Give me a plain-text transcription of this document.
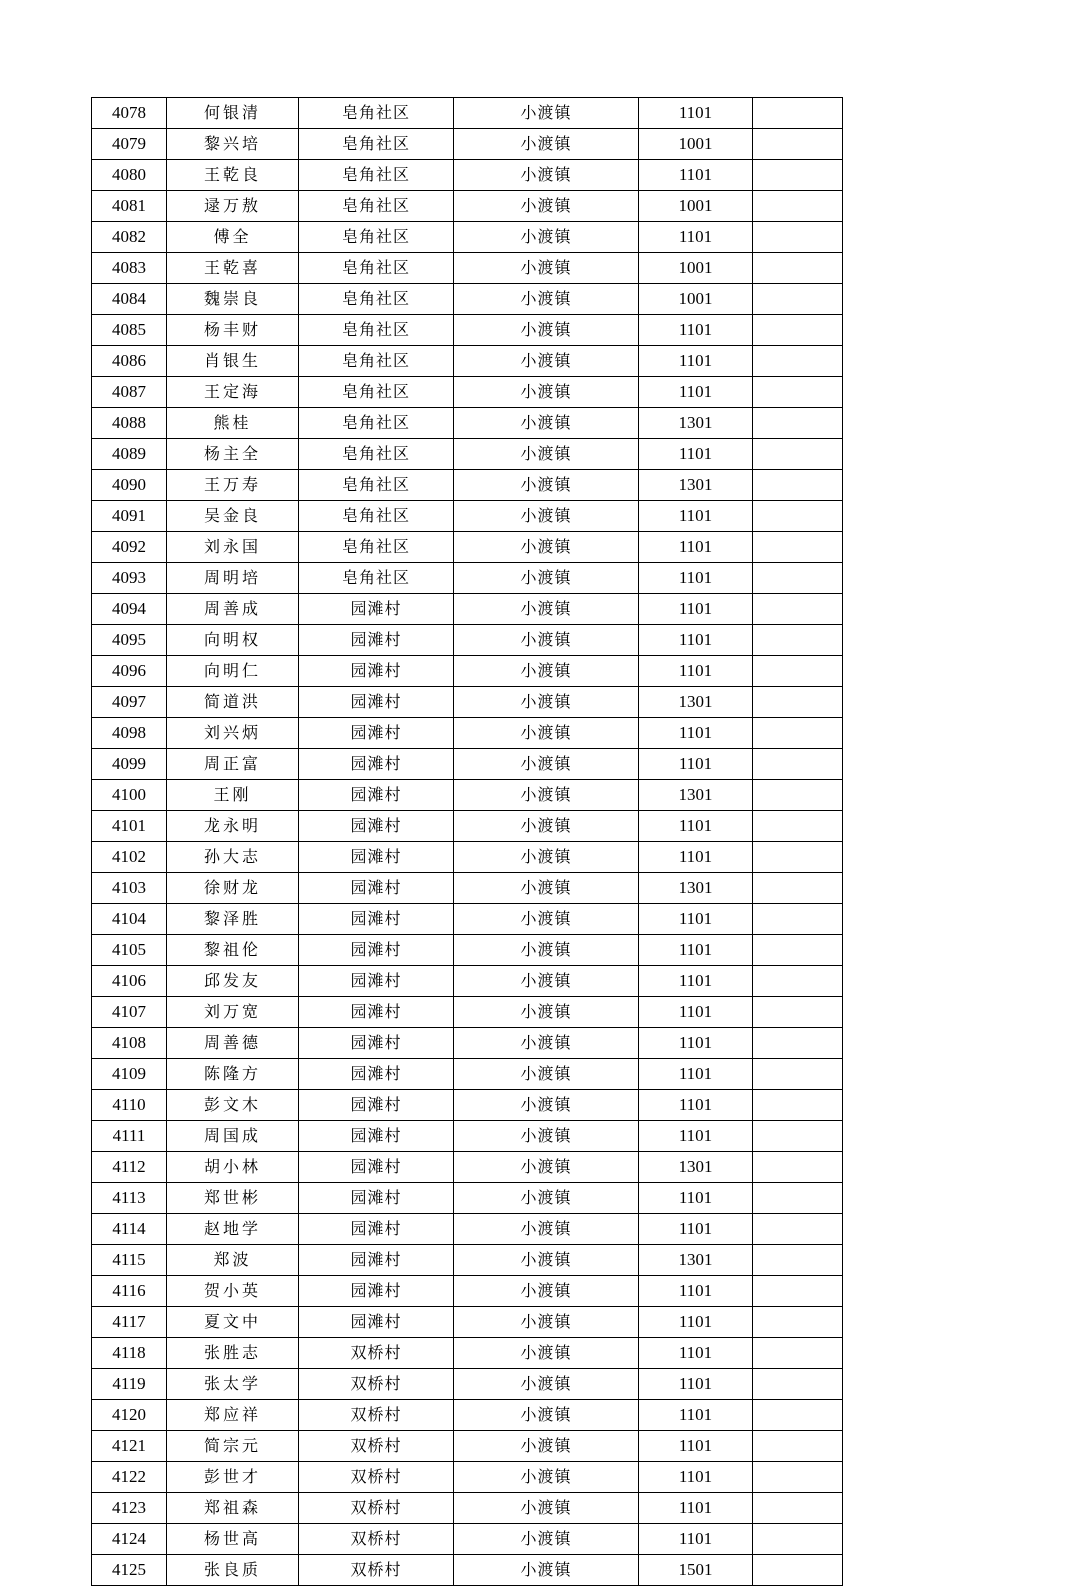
4078	何银清	皂角社区	小渡镇	1101	
4079	黎兴培	皂角社区	小渡镇	1001	
4080	王乾良	皂角社区	小渡镇	1101	
4081	逯万敖	皂角社区	小渡镇	1001	
4082	傅全	皂角社区	小渡镇	1101	
4083	王乾喜	皂角社区	小渡镇	1001	
4084	魏崇良	皂角社区	小渡镇	1001	
4085	杨丰财	皂角社区	小渡镇	1101	
4086	肖银生	皂角社区	小渡镇	1101	
4087	王定海	皂角社区	小渡镇	1101	
4088	熊桂	皂角社区	小渡镇	1301	
4089	杨主全	皂角社区	小渡镇	1101	
4090	王万寿	皂角社区	小渡镇	1301	
4091	吴金良	皂角社区	小渡镇	1101	
4092	刘永国	皂角社区	小渡镇	1101	
4093	周明培	皂角社区	小渡镇	1101	
4094	周善成	园滩村	小渡镇	1101	
4095	向明权	园滩村	小渡镇	1101	
4096	向明仁	园滩村	小渡镇	1101	
4097	简道洪	园滩村	小渡镇	1301	
4098	刘兴炳	园滩村	小渡镇	1101	
4099	周正富	园滩村	小渡镇	1101	
4100	王刚	园滩村	小渡镇	1301	
4101	龙永明	园滩村	小渡镇	1101	
4102	孙大志	园滩村	小渡镇	1101	
4103	徐财龙	园滩村	小渡镇	1301	
4104	黎泽胜	园滩村	小渡镇	1101	
4105	黎祖伦	园滩村	小渡镇	1101	
4106	邱发友	园滩村	小渡镇	1101	
4107	刘万宽	园滩村	小渡镇	1101	
4108	周善德	园滩村	小渡镇	1101	
4109	陈隆方	园滩村	小渡镇	1101	
4110	彭文木	园滩村	小渡镇	1101	
4111	周国成	园滩村	小渡镇	1101	
4112	胡小林	园滩村	小渡镇	1301	
4113	郑世彬	园滩村	小渡镇	1101	
4114	赵地学	园滩村	小渡镇	1101	
4115	郑波	园滩村	小渡镇	1301	
4116	贺小英	园滩村	小渡镇	1101	
4117	夏文中	园滩村	小渡镇	1101	
4118	张胜志	双桥村	小渡镇	1101	
4119	张太学	双桥村	小渡镇	1101	
4120	郑应祥	双桥村	小渡镇	1101	
4121	简宗元	双桥村	小渡镇	1101	
4122	彭世才	双桥村	小渡镇	1101	
4123	郑祖森	双桥村	小渡镇	1101	
4124	杨世高	双桥村	小渡镇	1101	
4125	张良质	双桥村	小渡镇	1501	
